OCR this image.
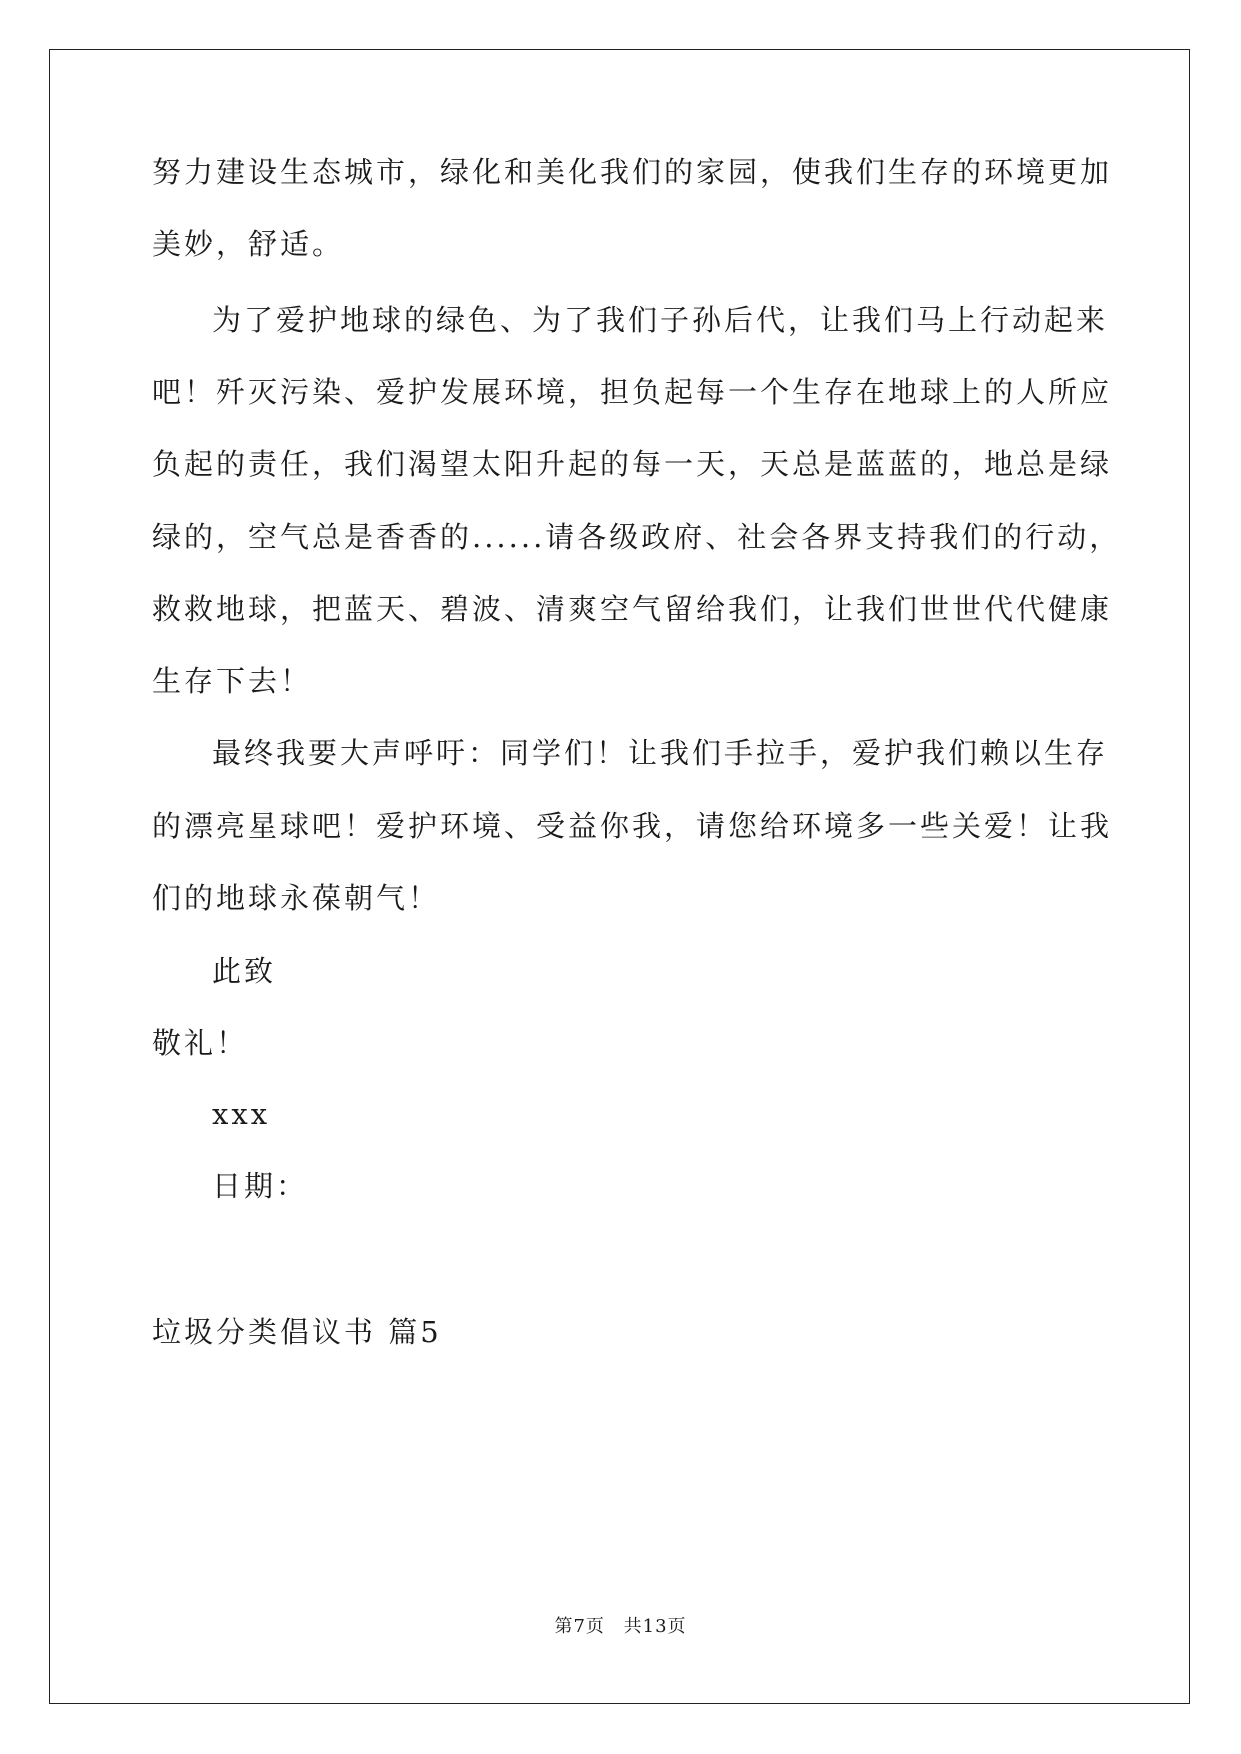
努力建设生态城市，绿化和美化我们的家园，使我们生存的环境更加
美妙，舒适。
为了爱护地球的绿色、为了我们子孙后代，让我们马上行动起来
吧！歼灭污染、爱护发展环境，担负起每一个生存在地球上的人所应
负起的责任，我们渴望太阳升起的每一天，天总是蓝蓝的，地总是绿
绿的，空气总是香香的......请各级政府、社会各界支持我们的行动，
救救地球，把蓝天、碧波、清爽空气留给我们，让我们世世代代健康
生存下去！
最终我要大声呼吁：同学们！让我们手拉手，爱护我们赖以生存
的漂亮星球吧！爱护环境、受益你我，请您给环境多一些关爱！让我
们的地球永葆朝气！
此致
敬礼！
xxx
日期：
垃圾分类倡议书 篇5
第7页 共13页
